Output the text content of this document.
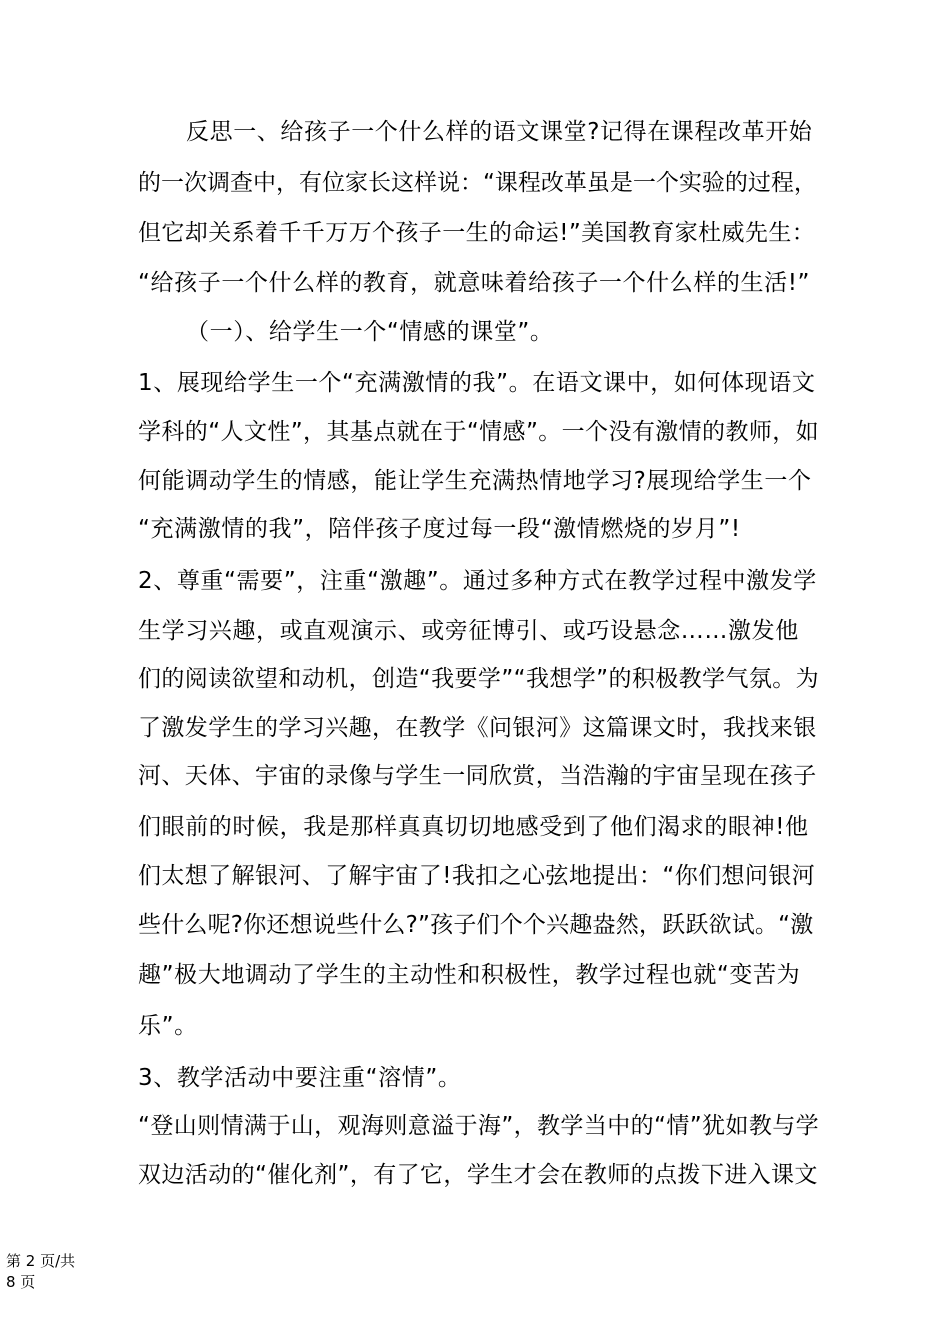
反思一、给孩子一个什么样的语文课堂?记得在课程改革开始
的一次调查中，有位家长这样说：“课程改革虽是一个实验的过程，
但它却关系着千千万万个孩子一生的命运!”美国教育家杜威先生：
“给孩子一个什么样的教育，就意味着给孩子一个什么样的生活!”
（一）、给学生一个“情感的课堂”。
1、展现给学生一个“充满激情的我”。在语文课中，如何体现语文
学科的“人文性”，其基点就在于“情感”。一个没有激情的教师，如
何能调动学生的情感，能让学生充满热情地学习?展现给学生一个
“充满激情的我”，陪伴孩子度过每一段“激情燃烧的岁月”!
2、尊重“需要”，注重“激趣”。通过多种方式在教学过程中激发学
生学习兴趣，或直观演示、或旁征博引、或巧设悬念……激发他
们的阅读欲望和动机，创造“我要学”“我想学”的积极教学气氛。为
了激发学生的学习兴趣，在教学《问银河》这篇课文时，我找来银
河、天体、宇宙的录像与学生一同欣赏，当浩瀚的宇宙呈现在孩子
们眼前的时候，我是那样真真切切地感受到了他们渴求的眼神!他
们太想了解银河、了解宇宙了!我扣之心弦地提出：“你们想问银河
些什么呢?你还想说些什么?”孩子们个个兴趣盎然，跃跃欲试。“激
趣”极大地调动了学生的主动性和积极性，教学过程也就“变苦为
乐”。
3、教学活动中要注重“溶情”。
“登山则情满于山，观海则意溢于海”，教学当中的“情”犹如教与学
双边活动的“催化剂”，有了它，学生才会在教师的点拨下进入课文
第 2 页/共
8 页
